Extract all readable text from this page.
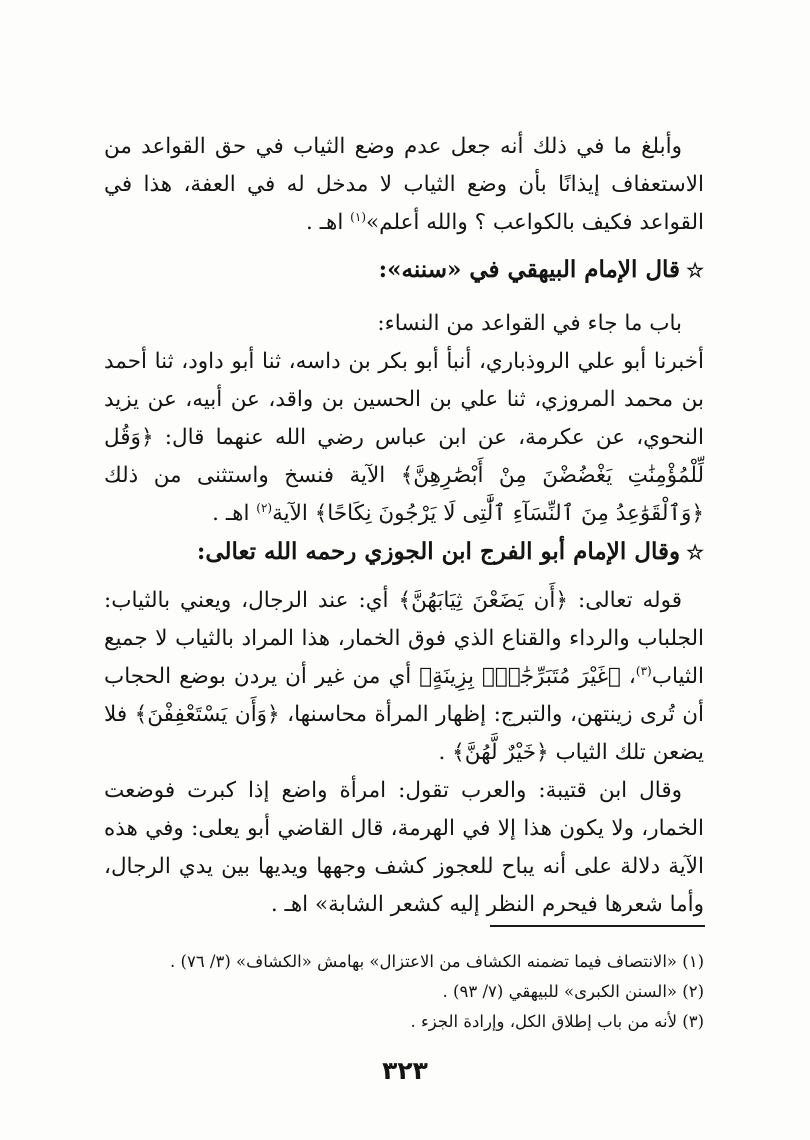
وأبلغ ما في ذلك أنه جعل عدم وضع الثياب في حق القواعد من الاستعفاف إيذانًا بأن وضع الثياب لا مدخل له في العفة، هذا في القواعد فكيف بالكواعب ؟ والله أعلم»$^{(١)}$ اهـ .

☆قال الإمام البيهقي في «سننه»:

باب ما جاء في القواعد من النساء:

أخبرنا أبو علي الروذباري، أنبأ أبو بكر بن داسه، ثنا أبو داود، ثنا أحمد بن محمد المروزي، ثنا علي بن الحسين بن واقد، عن أبيه، عن يزيد النحوي، عن عكرمة، عن ابن عباس رضي الله عنهما قال: ﴿وَقُل لِّلْمُؤْمِنَٰتِ يَغْضُضْنَ مِنْ أَبْصَٰرِهِنَّ﴾ الآية فنسخ واستثنى من ذلك ﴿وَٱلْقَوَٰعِدُ مِنَ ٱلنِّسَآءِ ٱلَّٰتِى لَا يَرْجُونَ نِكَاحًا﴾ الآية$^{(٢)}$ اهـ .

☆وقال الإمام أبو الفرج ابن الجوزي رحمه الله تعالى:

قوله تعالى: ﴿أَن يَضَعْنَ ثِيَابَهُنَّ﴾ أي: عند الرجال، ويعني بالثياب: الجلباب والرداء والقناع الذي فوق الخمار، هذا المراد بالثياب لا جميع الثياب$^{(٣)}$، ﴿غَيْرَ مُتَبَرِّجَٰتٍۭ بِزِينَةٍ﴾ أي من غير أن يردن بوضع الحجاب أن تُرى زينتهن، والتبرج: إظهار المرأة محاسنها، ﴿وَأَن يَسْتَعْفِفْنَ﴾ فلا يضعن تلك الثياب ﴿خَيْرٌ لَّهُنَّ﴾ .

وقال ابن قتيبة: والعرب تقول: امرأة واضع إذا كبرت فوضعت الخمار، ولا يكون هذا إلا في الهرمة، قال القاضي أبو يعلى: وفي هذه الآية دلالة على أنه يباح للعجوز كشف وجهها ويديها بين يدي الرجال، وأما شعرها فيحرم النظر إليه كشعر الشابة» اهـ .

(١) «الانتصاف فيما تضمنه الكشاف من الاعتزال» بهامش «الكشاف» (٣/ ٧٦) .

(٢) «السنن الكبرى» للبيهقي (٧/ ٩٣) .

(٣) لأنه من باب إطلاق الكل، وإرادة الجزء .

٣٢٣
